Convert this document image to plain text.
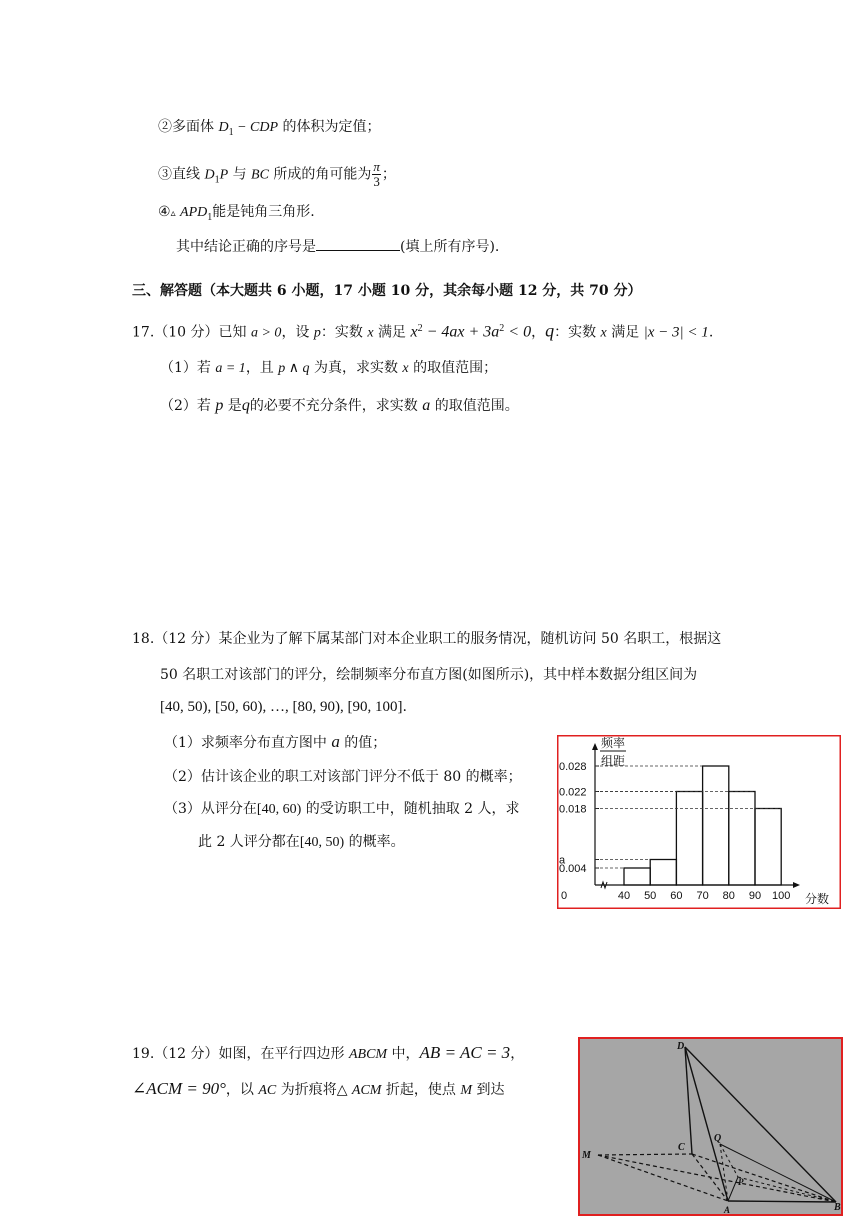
②多面体 $D_1$ − CDP 的体积为定值；
③直线 $D_1P$ 与 BC 所成的角可能为 $\frac{\pi}{3}$ ；
④▵ $APD_1$能是钝角三角形.
其中结论正确的序号是	(填上所有序号).
三、解答题（本大题共 6 小题，17 小题 10 分，其余每小题 12 分，共 70 分）
17.（10 分）已知 a > 0，设 p：实数 x 满足 $x^2 - 4ax + 3a^2 < 0$，q：实数 x 满足 |x − 3| < 1.
（1）若 a = 1，且 p ∧ q 为真，求实数 x 的取值范围；
（2）若 p 是q的必要不充分条件，求实数 a 的取值范围。
18.（12 分）某企业为了解下属某部门对本企业职工的服务情况，随机访问 50 名职工，根据这
50 名职工对该部门的评分，绘制频率分布直方图(如图所示)，其中样本数据分组区间为
[40, 50), [50, 60), …, [80, 90), [90, 100].
（1）求频率分布直方图中 a 的值；
（2）估计该企业的职工对该部门评分不低于 80 的概率；
（3）从评分在[40, 60) 的受访职工中，随机抽取 2 人，求
此 2 人评分都在[40, 50) 的概率。
频率
组距
0.028
0.022
0.018
a
0.004
40 50 60 70 80 90 100
0	分数
19.（12 分）如图，在平行四边形 ABCM 中，AB = AC = 3，
∠ACM = 90°，以 AC 为折痕将△ ACM 折起，使点 M 到达
D
C
Q
M
P
A	B
